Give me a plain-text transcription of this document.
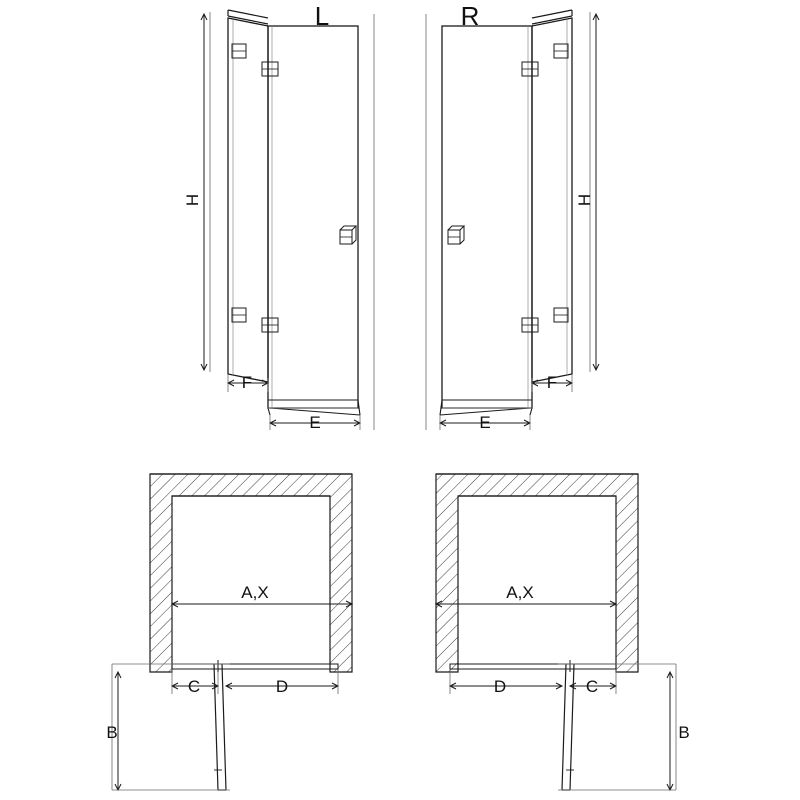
L	R
H	H
F
E	E
F
A,X	A,X
C	D
B
D	C
B
